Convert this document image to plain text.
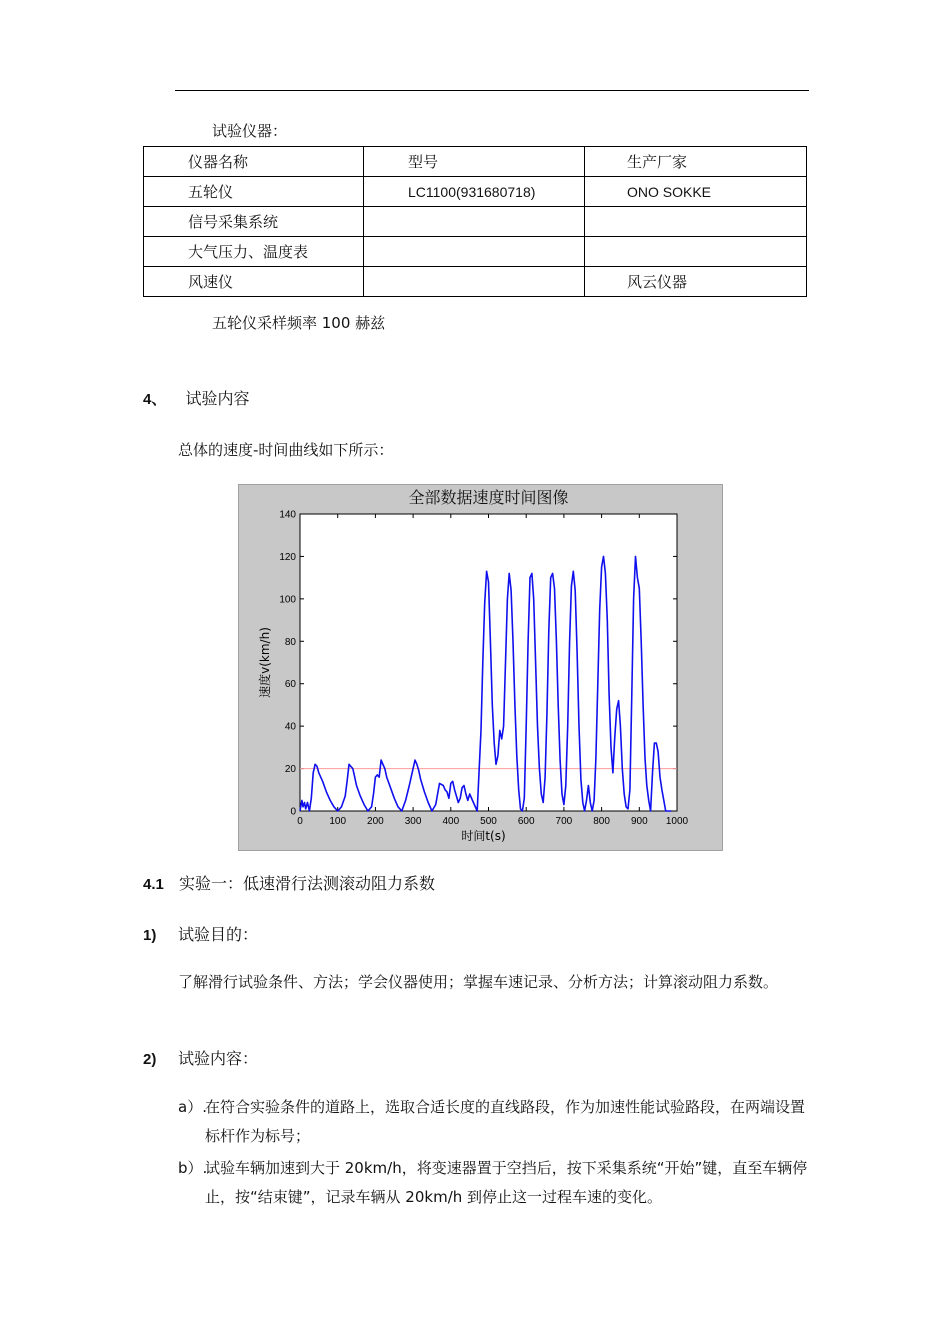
试验仪器：
仪器名称	型号	生产厂家
五轮仪	LC1100(931680718)	ONO SOKKE
信号采集系统		
大气压力、温度表		
风速仪		风云仪器
五轮仪采样频率 100 赫兹
4、 试验内容
总体的速度-时间曲线如下所示：
全部数据速度时间图像
0
20
40
60
80
100
120
140
0	100 200 300 400 500 600 700 800 900 1000
时间t(s)
速度v(km/h)
4.1 实验一：低速滑行法测滚动阻力系数
1) 试验目的：
了解滑行试验条件、方法；学会仪器使用；掌握车速记录、分析方法；计算滚动阻力系数。
2) 试验内容：
a）.
在符合实验条件的道路上，选取合适长度的直线路段，作为加速性能试验路段，在两端设置标杆作为标号；
b）.
试验车辆加速到大于 20km/h，将变速器置于空挡后，按下采集系统“开始”键，直至车辆停止，按“结束键”，记录车辆从 20km/h 到停止这一过程车速的变化。
